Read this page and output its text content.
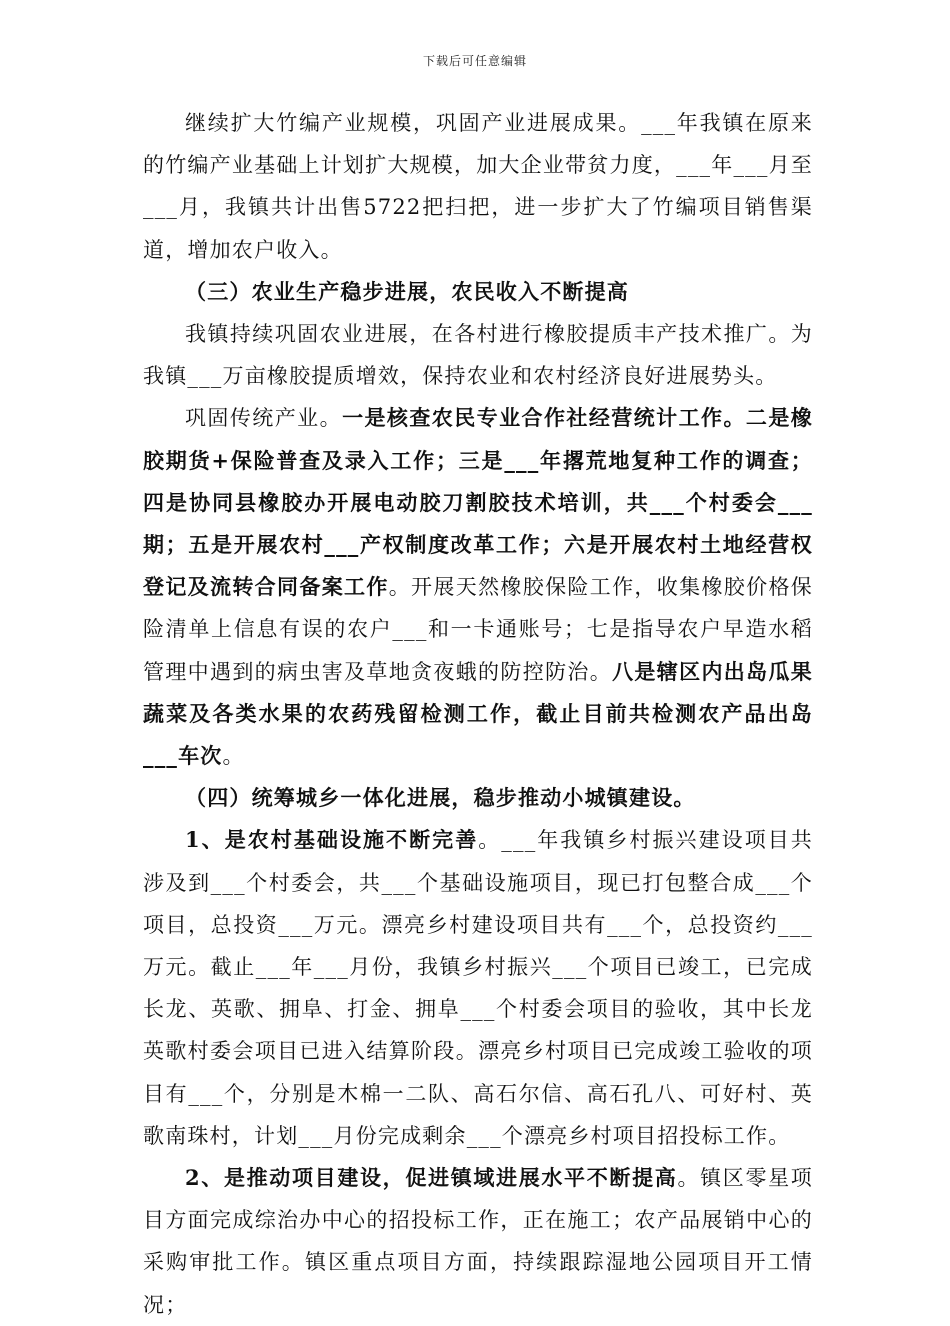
下载后可任意编辑

继续扩大竹编产业规模，巩固产业进展成果。___年我镇在原来的竹编产业基础上计划扩大规模，加大企业带贫力度，___年___月至___月，我镇共计出售5722把扫把，进一步扩大了竹编项目销售渠道，增加农户收入。

（三）农业生产稳步进展，农民收入不断提高

我镇持续巩固农业进展，在各村进行橡胶提质丰产技术推广。为我镇___万亩橡胶提质增效，保持农业和农村经济良好进展势头。

巩固传统产业。一是核查农民专业合作社经营统计工作。二是橡胶期货+保险普查及录入工作；三是___年撂荒地复种工作的调查；四是协同县橡胶办开展电动胶刀割胶技术培训，共___个村委会___期；五是开展农村___产权制度改革工作；六是开展农村土地经营权登记及流转合同备案工作。开展天然橡胶保险工作，收集橡胶价格保险清单上信息有误的农户___和一卡通账号；七是指导农户早造水稻管理中遇到的病虫害及草地贪夜蛾的防控防治。八是辖区内出岛瓜果蔬菜及各类水果的农药残留检测工作，截止目前共检测农产品出岛___车次。

（四）统筹城乡一体化进展，稳步推动小城镇建设。

1、是农村基础设施不断完善。___年我镇乡村振兴建设项目共涉及到___个村委会，共___个基础设施项目，现已打包整合成___个项目，总投资___万元。漂亮乡村建设项目共有___个，总投资约___万元。截止___年___月份，我镇乡村振兴___个项目已竣工，已完成长龙、英歌、拥阜、打金、拥阜___个村委会项目的验收，其中长龙英歌村委会项目已进入结算阶段。漂亮乡村项目已完成竣工验收的项目有___个，分别是木棉一二队、高石尔信、高石孔八、可好村、英歌南珠村，计划___月份完成剩余___个漂亮乡村项目招投标工作。

2、是推动项目建设，促进镇域进展水平不断提高。镇区零星项目方面完成综治办中心的招投标工作，正在施工；农产品展销中心的采购审批工作。镇区重点项目方面，持续跟踪湿地公园项目开工情况；
